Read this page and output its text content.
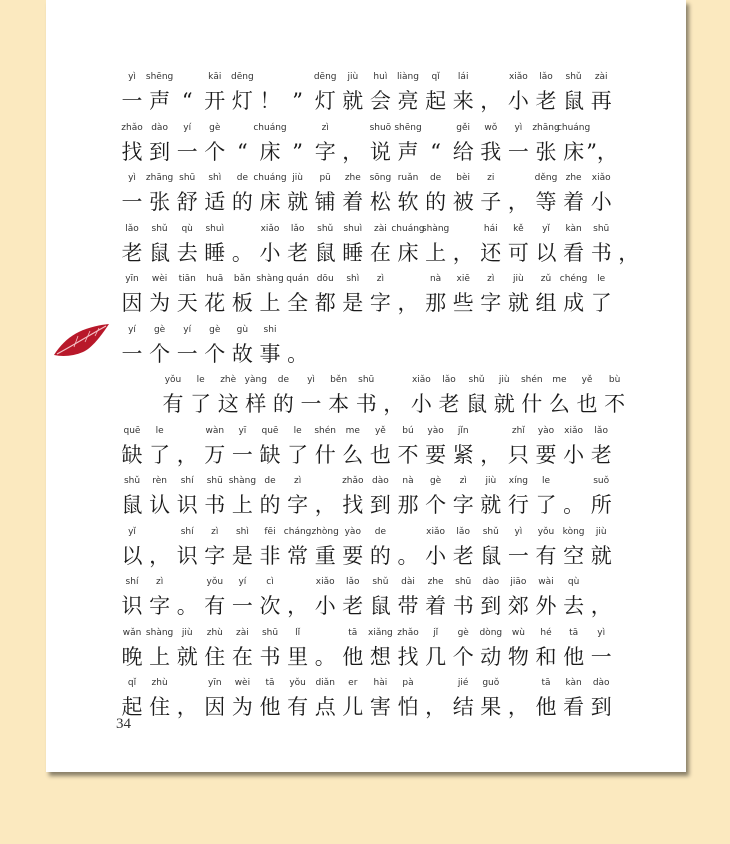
yì
一
shēng
声 “
kāi
开
dēng
灯 ！ ”
dēng
灯
jiù
就
huì
会
liàng
亮
qǐ
起
lái
来 ，
xiǎo
小
lǎo
老
shǔ
鼠
zài
再
zhǎo
找
dào
到
yí
一
gè
个 “
chuáng
床 ”
zì
字 ，
shuō
说
shēng
声 “
gěi
给
wǒ
我
yì
一
zhāng
张
chuáng
床 ”，
yì
一
zhāng
张
shū
舒
shì
适
de
的
chuáng
床
jiù
就
pū
铺
zhe
着
sōng
松
ruǎn
软
de
的
bèi
被
zi
子 ，
děng
等
zhe
着
xiǎo
小
lǎo
老
shǔ
鼠
qù
去
shuì
睡 。
xiǎo
小
lǎo
老
shǔ
鼠
shuì
睡
zài
在
chuáng
床
shàng
上 ，
hái
还
kě
可
yǐ
以
kàn
看
shū
书 ，
yīn
因
wèi
为
tiān
天
huā
花
bǎn
板
shàng
上
quán
全
dōu
都
shì
是
zì
字 ，
nà
那
xiē
些
zì
字
jiù
就
zǔ
组
chéng
成
le
了
yí
一
gè
个
yí
一
gè
个
gù
故
shi
事 。
yǒu
有
le
了
zhè
这
yàng
样
de
的
yì
一
běn
本
shū
书 ，
xiǎo
小
lǎo
老
shǔ
鼠
jiù
就
shén
什
me
么
yě
也
bù
不
quē
缺
le
了 ，
wàn
万
yī
一
quē
缺
le
了
shén
什
me
么
yě
也
bú
不
yào
要
jǐn
紧 ，
zhǐ
只
yào
要
xiǎo
小
lǎo
老
shǔ
鼠
rèn
认
shí
识
shū
书
shàng
上
de
的
zì
字 ，
zhǎo
找
dào
到
nà
那
gè
个
zì
字
jiù
就
xíng
行
le
了 。
suǒ
所
yǐ
以 ，
shí
识
zì
字
shì
是
fēi
非
cháng
常
zhòng
重
yào
要
de
的 。
xiǎo
小
lǎo
老
shǔ
鼠
yì
一
yǒu
有
kòng
空
jiù
就
shí
识
zì
字 。
yǒu
有
yí
一
cì
次 ，
xiǎo
小
lǎo
老
shǔ
鼠
dài
带
zhe
着
shū
书
dào
到
jiāo
郊
wài
外
qù
去 ，
wǎn
晚
shàng
上
jiù
就
zhù
住
zài
在
shū
书
lǐ
里 。
tā
他
xiǎng
想
zhǎo
找
jǐ
几
gè
个
dòng
动
wù
物
hé
和
tā
他
yì
一
qǐ
起
zhù
住 ，
yīn
因
wèi
为
tā
他
yǒu
有
diǎn
点
er
儿
hài
害
pà
怕 ，
jié
结
guǒ
果 ，
tā
他
kàn
看
dào
到
34
